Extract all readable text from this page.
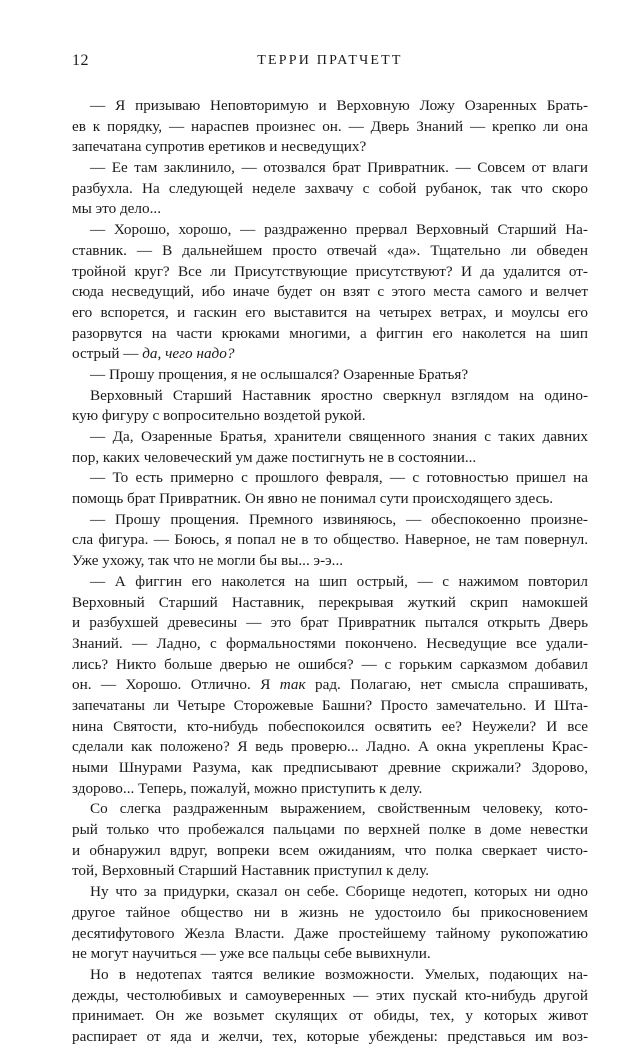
12	ТЕРРИ ПРАТЧЕТТ
— Я призываю Неповторимую и Верховную Ложу Озаренных Брать-
ев к порядку, — нараспев произнес он. — Дверь Знаний — крепко ли она
запечатана супротив еретиков и несведущих?
— Ее там заклинило, — отозвался брат Привратник. — Совсем от влаги
разбухла. На следующей неделе захвачу с собой рубанок, так что скоро
мы это дело...
— Хорошо, хорошо, — раздраженно прервал Верховный Старший На-
ставник. — В дальнейшем просто отвечай «да». Тщательно ли обведен
тройной круг? Все ли Присутствующие присутствуют? И да удалится от-
сюда несведущий, ибо иначе будет он взят с этого места самого и велчет
его вспорется, и гаскин его выставится на четырех ветрах, и моулсы его
разорвутся на части крюками многими, а фиггин его наколется на шип
острый — да, чего надо?
— Прошу прощения, я не ослышался? Озаренные Братья?
Верховный Старший Наставник яростно сверкнул взглядом на одино-
кую фигуру с вопросительно воздетой рукой.
— Да, Озаренные Братья, хранители священного знания с таких давних
пор, каких человеческий ум даже постигнуть не в состоянии...
— То есть примерно с прошлого февраля, — с готовностью пришел на
помощь брат Привратник. Он явно не понимал сути происходящего здесь.
— Прошу прощения. Премного извиняюсь, — обеспокоенно произне-
сла фигура. — Боюсь, я попал не в то общество. Наверное, не там повернул.
Уже ухожу, так что не могли бы вы... э-э...
— А фиггин его наколется на шип острый, — с нажимом повторил
Верховный Старший Наставник, перекрывая жуткий скрип намокшей
и разбухшей древесины — это брат Привратник пытался открыть Дверь
Знаний. — Ладно, с формальностями покончено. Несведущие все удали-
лись? Никто больше дверью не ошибся? — с горьким сарказмом добавил
он. — Хорошо. Отлично. Я так рад. Полагаю, нет смысла спрашивать,
запечатаны ли Четыре Сторожевые Башни? Просто замечательно. И Шта-
нина Святости, кто-нибудь побеспокоился освятить ее? Неужели? И все
сделали как положено? Я ведь проверю... Ладно. А окна укреплены Крас-
ными Шнурами Разума, как предписывают древние скрижали? Здорово,
здорово... Теперь, пожалуй, можно приступить к делу.
Со слегка раздраженным выражением, свойственным человеку, кото-
рый только что пробежался пальцами по верхней полке в доме невестки
и обнаружил вдруг, вопреки всем ожиданиям, что полка сверкает чисто-
той, Верховный Старший Наставник приступил к делу.
Ну что за придурки, сказал он себе. Сборище недотеп, которых ни одно
другое тайное общество ни в жизнь не удостоило бы прикосновением
десятифутового Жезла Власти. Даже простейшему тайному рукопожатию
не могут научиться — уже все пальцы себе вывихнули.
Но в недотепах таятся великие возможности. Умелых, подающих на-
дежды, честолюбивых и самоуверенных — этих пускай кто-нибудь другой
принимает. Он же возьмет скулящих от обиды, тех, у которых живот
распирает от яда и желчи, тех, которые убеждены: представься им воз-
